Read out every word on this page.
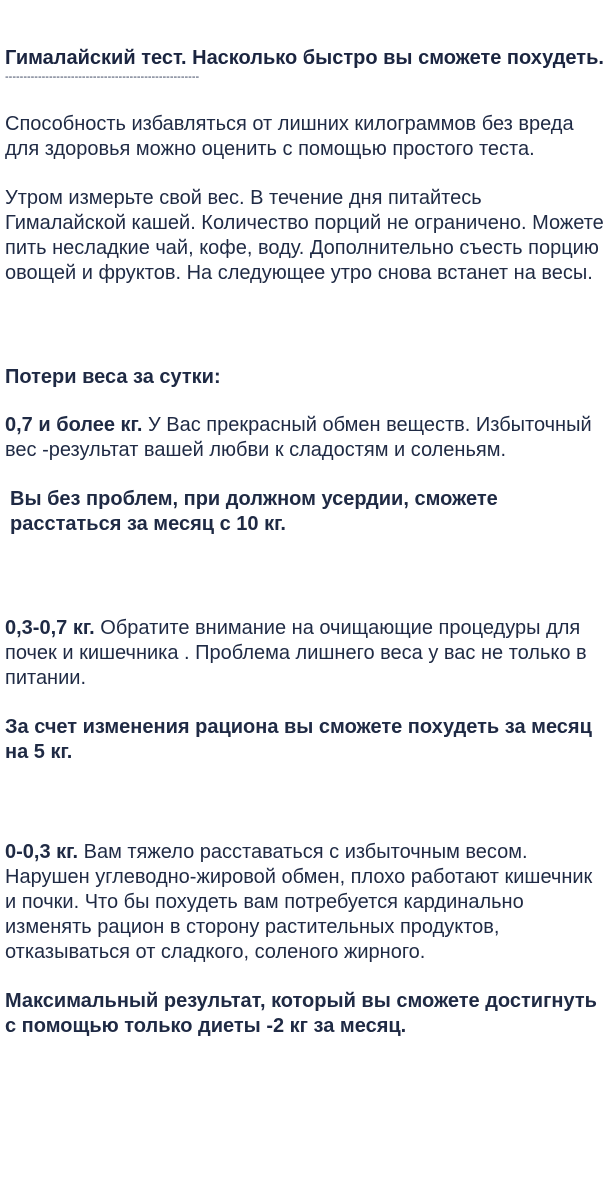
Гималайский тест. Насколько быстро вы сможете похудеть.
-----------------------------------------------------

Способность избавляться от лишних килограммов без вреда для здоровья можно оценить с помощью простого теста.

Утром измерьте свой вес. В течение дня питайтесь Гималайской кашей. Количество порций не ограничено. Можете пить несладкие чай, кофе, воду. Дополнительно съесть порцию овощей и фруктов. На следующее утро снова встанет на весы.

Потери веса за сутки:

0,7 и более кг. У Вас прекрасный обмен веществ. Избыточный вес -результат вашей любви к сладостям и соленьям.

Вы без проблем, при должном усердии, сможете расстаться за месяц с 10 кг.

0,3-0,7 кг. Обратите внимание на очищающие процедуры для почек и кишечника . Проблема лишнего веса у вас не только в питании.

За счет изменения рациона вы сможете похудеть за месяц на 5 кг.

0-0,3 кг. Вам тяжело расставаться с избыточным весом. Нарушен углеводно-жировой обмен, плохо работают кишечник и почки. Что бы похудеть вам потребуется кардинально изменять рацион в сторону растительных продуктов, отказываться от сладкого, соленого жирного.

Максимальный результат, который вы сможете достигнуть с помощью только диеты -2 кг за месяц.
